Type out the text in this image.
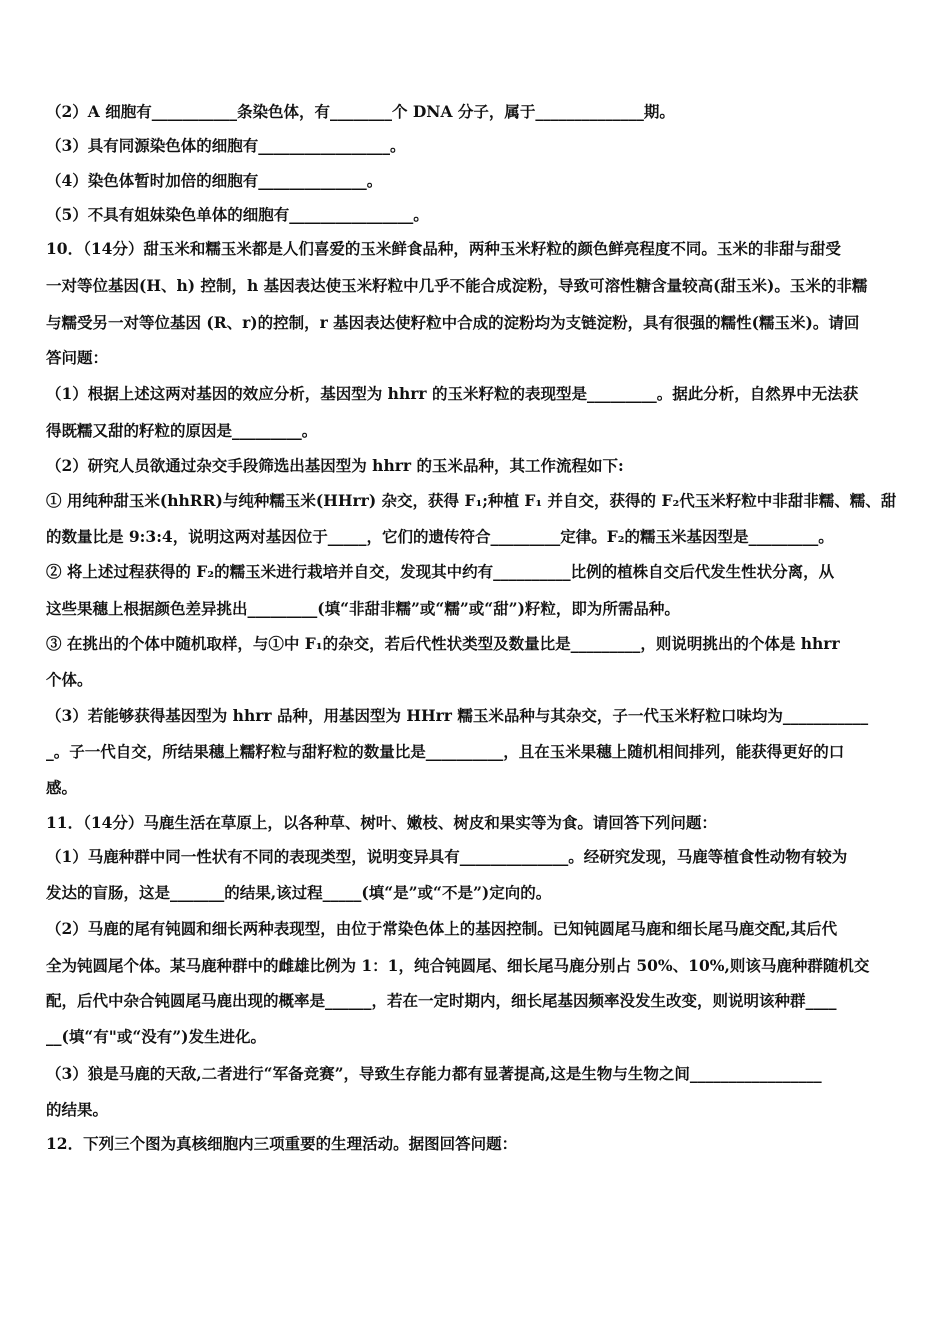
（2）A 细胞有___________条染色体，有________个 DNA 分子，属于______________期。
（3）具有同源染色体的细胞有_________________。
（4）染色体暂时加倍的细胞有______________。
（5）不具有姐妹染色单体的细胞有________________。
10．（14分）甜玉米和糯玉米都是人们喜爱的玉米鲜食品种，两种玉米籽粒的颜色鲜亮程度不同。玉米的非甜与甜受
一对等位基因(H、h) 控制，h 基因表达使玉米籽粒中几乎不能合成淀粉，导致可溶性糖含量较高(甜玉米)。玉米的非糯
与糯受另一对等位基因 (R、r)的控制，r 基因表达使籽粒中合成的淀粉均为支链淀粉，具有很强的糯性(糯玉米)。请回
答问题：
（1）根据上述这两对基因的效应分析，基因型为 hhrr 的玉米籽粒的表现型是_________。据此分析，自然界中无法获
得既糯又甜的籽粒的原因是_________。
（2）研究人员欲通过杂交手段筛选出基因型为 hhrr 的玉米品种，其工作流程如下:
① 用纯种甜玉米(hhRR)与纯种糯玉米(HHrr) 杂交，获得 F₁;种植 F₁ 并自交，获得的 F₂代玉米籽粒中非甜非糯、糯、甜
的数量比是 9:3:4，说明这两对基因位于_____，它们的遗传符合_________定律。F₂的糯玉米基因型是_________。
② 将上述过程获得的 F₂的糯玉米进行栽培并自交，发现其中约有__________比例的植株自交后代发生性状分离，从
这些果穗上根据颜色差异挑出_________(填“非甜非糯”或“糯”或“甜”)籽粒，即为所需品种。
③ 在挑出的个体中随机取样，与①中 F₁的杂交，若后代性状类型及数量比是_________，则说明挑出的个体是 hhrr
个体。
（3）若能够获得基因型为 hhrr 品种，用基因型为 HHrr 糯玉米品种与其杂交，子一代玉米籽粒口味均为___________
_。子一代自交，所结果穗上糯籽粒与甜籽粒的数量比是__________，且在玉米果穗上随机相间排列，能获得更好的口
感。
11．（14分）马鹿生活在草原上，以各种草、树叶、嫩枝、树皮和果实等为食。请回答下列问题：
（1）马鹿种群中同一性状有不同的表现类型，说明变异具有______________。经研究发现，马鹿等植食性动物有较为
发达的盲肠，这是_______的结果,该过程_____(填“是”或“不是”)定向的。
（2）马鹿的尾有钝圆和细长两种表现型，由位于常染色体上的基因控制。已知钝圆尾马鹿和细长尾马鹿交配,其后代
全为钝圆尾个体。某马鹿种群中的雌雄比例为 1：1，纯合钝圆尾、细长尾马鹿分别占 50%、10%,则该马鹿种群随机交
配，后代中杂合钝圆尾马鹿出现的概率是______，若在一定时期内，细长尾基因频率没发生改变，则说明该种群____
__(填“有"或“没有”)发生进化。
（3）狼是马鹿的天敌,二者进行“军备竞赛”，导致生存能力都有显著提高,这是生物与生物之间_________________
的结果。
12．下列三个图为真核细胞内三项重要的生理活动。据图回答问题：
